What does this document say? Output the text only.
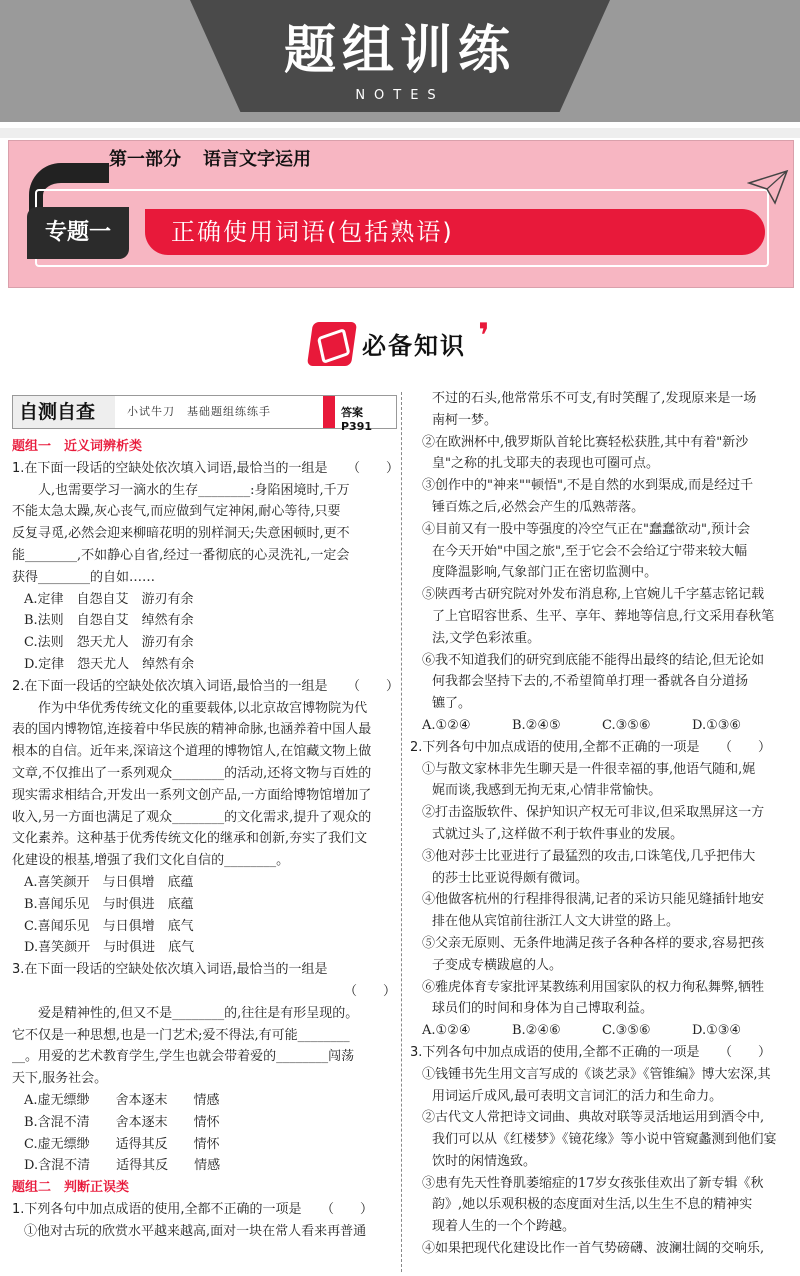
题组训练
NOTES
第一部分 语言文字运用
专题一	正确使用词语(包括熟语)
必备知识 ❜
自测自查	小试牛刀　基础题组练练手	答案 P391

题组一　近义词辨析类

1.在下面一段话的空缺处依次填入词语,最恰当的一组是　　（　　）

人,也需要学习一滴水的生存________:身陷困境时,千万

不能太急太躁,灰心丧气,而应做到气定神闲,耐心等待,只要

反复寻觅,必然会迎来柳暗花明的别样洞天;失意困顿时,更不

能________,不如静心自省,经过一番彻底的心灵洗礼,一定会

获得________的自如……

A.定律　自怨自艾　游刃有余

B.法则　自怨自艾　绰然有余

C.法则　怨天尤人　游刃有余

D.定律　怨天尤人　绰然有余

2.在下面一段话的空缺处依次填入词语,最恰当的一组是　　（　　）

作为中华优秀传统文化的重要载体,以北京故宫博物院为代

表的国内博物馆,连接着中华民族的精神命脉,也涵养着中国人最

根本的自信。近年来,深谙这个道理的博物馆人,在馆藏文物上做

文章,不仅推出了一系列观众________的活动,还将文物与百姓的

现实需求相结合,开发出一系列文创产品,一方面给博物馆增加了

收入,另一方面也满足了观众________的文化需求,提升了观众的

文化素养。这种基于优秀传统文化的继承和创新,夯实了我们文

化建设的根基,增强了我们文化自信的________。

A.喜笑颜开　与日俱增　底蕴

B.喜闻乐见　与时俱进　底蕴

C.喜闻乐见　与日俱增　底气

D.喜笑颜开　与时俱进　底气

3.在下面一段话的空缺处依次填入词语,最恰当的一组是

（　　）

爱是精神性的,但又不是________的,往往是有形呈现的。

它不仅是一种思想,也是一门艺术;爱不得法,有可能________

__。用爱的艺术教育学生,学生也就会带着爱的________闯荡

天下,服务社会。

A.虚无缥缈　　舍本逐末　　情感

B.含混不清　　舍本逐末　　情怀

C.虚无缥缈　　适得其反　　情怀

D.含混不清　　适得其反　　情感

题组二　判断正误类

1.下列各句中加点成语的使用,全都不正确的一项是　　（　　）

①他对古玩的欣赏水平越来越高,面对一块在常人看来再普通

不过的石头,他常常乐不可支,有时笑醒了,发现原来是一场

南柯一梦。

②在欧洲杯中,俄罗斯队首轮比赛轻松获胜,其中有着"新沙

皇"之称的扎戈耶夫的表现也可圈可点。

③创作中的"神来""顿悟",不是自然的水到渠成,而是经过千

锤百炼之后,必然会产生的瓜熟蒂落。

④目前又有一股中等强度的冷空气正在"蠢蠢欲动",预计会

在今天开始"中国之旅",至于它会不会给辽宁带来较大幅

度降温影响,气象部门正在密切监测中。

⑤陕西考古研究院对外发布消息称,上官婉儿千字墓志铭记载

了上官昭容世系、生平、享年、葬地等信息,行文采用春秋笔

法,文学色彩浓重。

⑥我不知道我们的研究到底能不能得出最终的结论,但无论如

何我都会坚持下去的,不希望简单打理一番就各自分道扬

镳了。

A.①②④	B.②④⑤	C.③⑤⑥	D.①③⑥

2.下列各句中加点成语的使用,全都不正确的一项是　　（　　）

①与散文家林非先生聊天是一件很幸福的事,他语气随和,娓

娓而谈,我感到无拘无束,心情非常愉快。

②打击盗版软件、保护知识产权无可非议,但采取黑屏这一方

式就过头了,这样做不利于软件事业的发展。

③他对莎士比亚进行了最猛烈的攻击,口诛笔伐,几乎把伟大

的莎士比亚说得颇有微词。

④他做客杭州的行程排得很满,记者的采访只能见缝插针地安

排在他从宾馆前往浙江人文大讲堂的路上。

⑤父亲无原则、无条件地满足孩子各种各样的要求,容易把孩

子变成专横跋扈的人。

⑥雅虎体育专家批评某教练利用国家队的权力徇私舞弊,牺牲

球员们的时间和身体为自己博取利益。

A.①②④	B.②④⑥	C.③⑤⑥	D.①③④

3.下列各句中加点成语的使用,全都不正确的一项是　　（　　）

①钱锺书先生用文言写成的《谈艺录》《管锥编》博大宏深,其

用词运斤成风,最可表明文言词汇的活力和生命力。

②古代文人常把诗文词曲、典故对联等灵活地运用到酒令中,

我们可以从《红楼梦》《镜花缘》等小说中管窥蠡测到他们宴

饮时的闲情逸致。

③患有先天性脊肌萎缩症的17岁女孩张佳欢出了新专辑《秋

韵》,她以乐观积极的态度面对生活,以生生不息的精神实

现着人生的一个个跨越。

④如果把现代化建设比作一首气势磅礴、波澜壮阔的交响乐,
